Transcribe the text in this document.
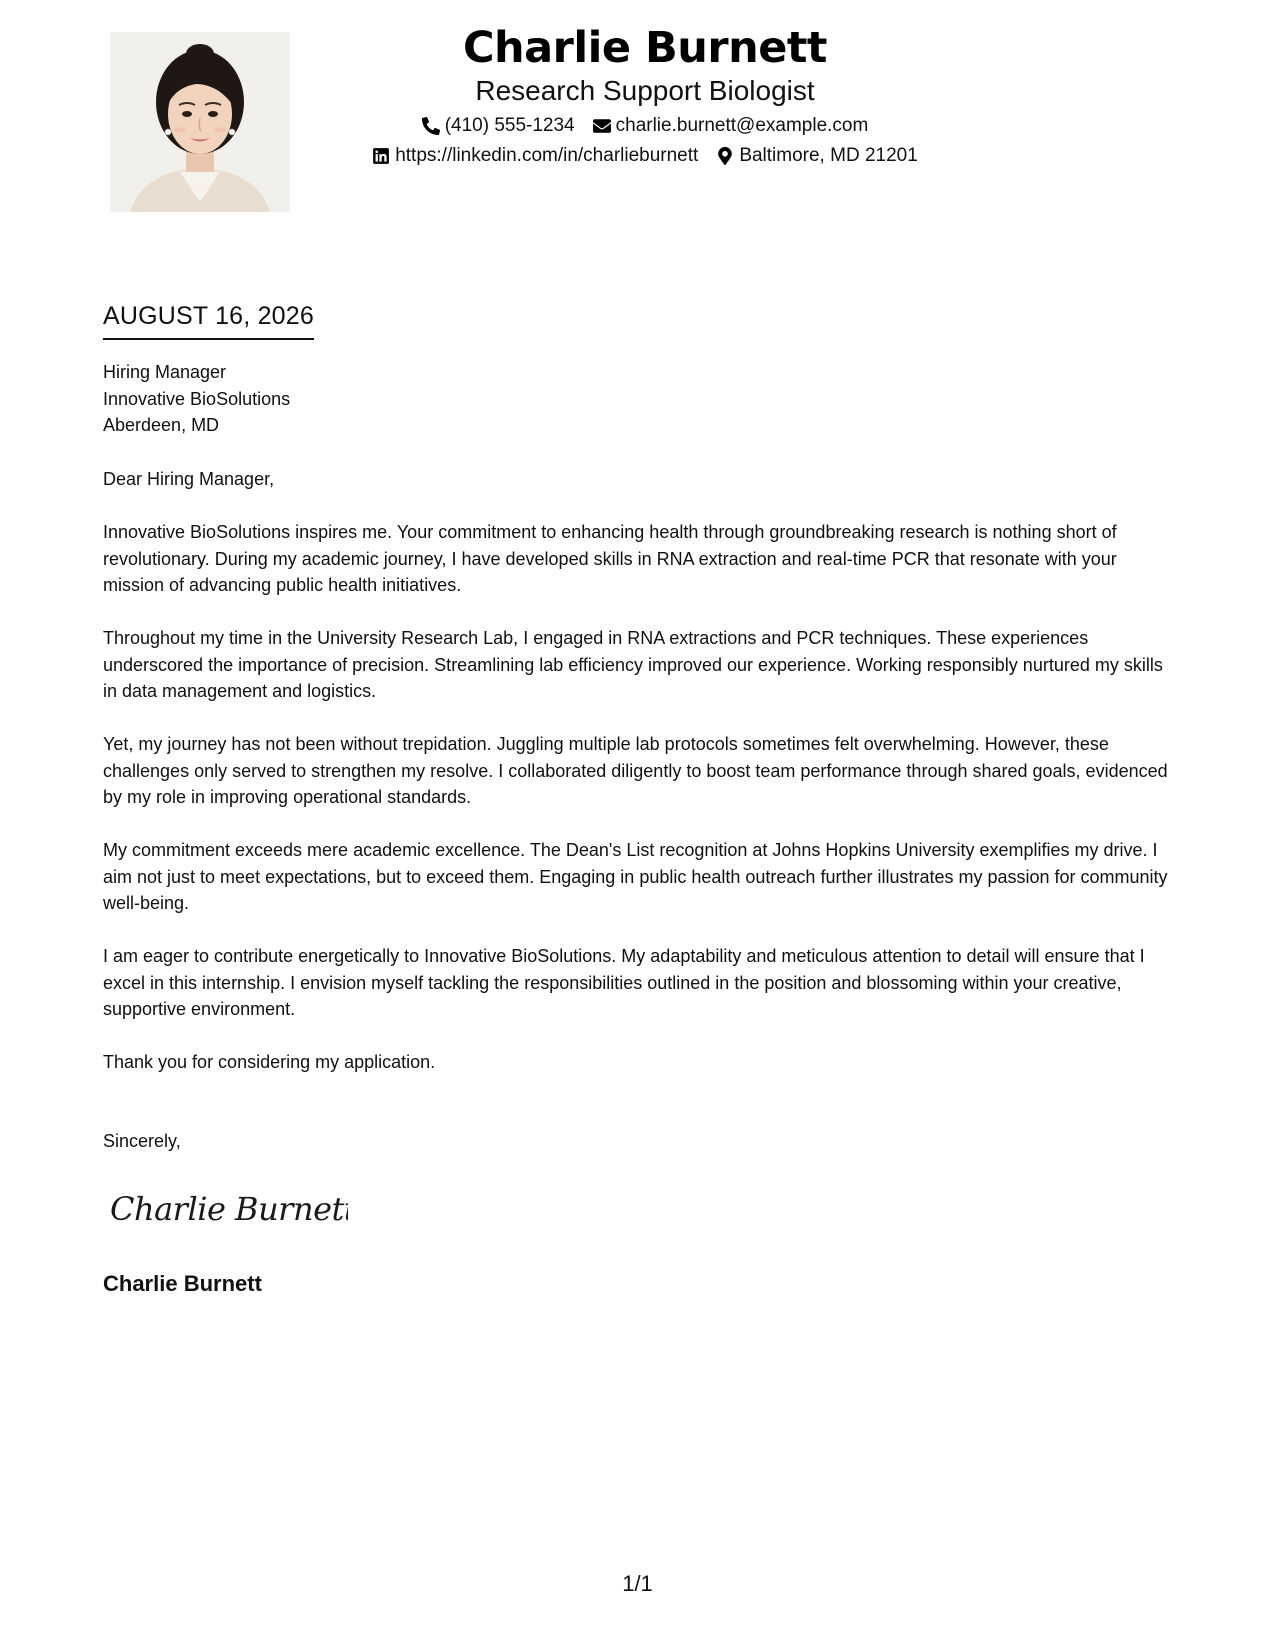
Charlie Burnett
Research Support Biologist
(410) 555-1234 charlie.burnett@example.com
https://linkedin.com/in/charlieburnett Baltimore, MD 21201
AUGUST 16, 2026
Hiring Manager
Innovative BioSolutions
Aberdeen, MD
Dear Hiring Manager,
Innovative BioSolutions inspires me. Your commitment to enhancing health through groundbreaking research is nothing short of revolutionary. During my academic journey, I have developed skills in RNA extraction and real-time PCR that resonate with your mission of advancing public health initiatives.
Throughout my time in the University Research Lab, I engaged in RNA extractions and PCR techniques. These experiences underscored the importance of precision. Streamlining lab efficiency improved our experience. Working responsibly nurtured my skills in data management and logistics.
Yet, my journey has not been without trepidation. Juggling multiple lab protocols sometimes felt overwhelming. However, these challenges only served to strengthen my resolve. I collaborated diligently to boost team performance through shared goals, evidenced by my role in improving operational standards.
My commitment exceeds mere academic excellence. The Dean's List recognition at Johns Hopkins University exemplifies my drive. I aim not just to meet expectations, but to exceed them. Engaging in public health outreach further illustrates my passion for community well-being.
I am eager to contribute energetically to Innovative BioSolutions. My adaptability and meticulous attention to detail will ensure that I excel in this internship. I envision myself tackling the responsibilities outlined in the position and blossoming within your creative, supportive environment.
Thank you for considering my application.
Sincerely,
Charlie Burnett
Charlie Burnett
1/1
